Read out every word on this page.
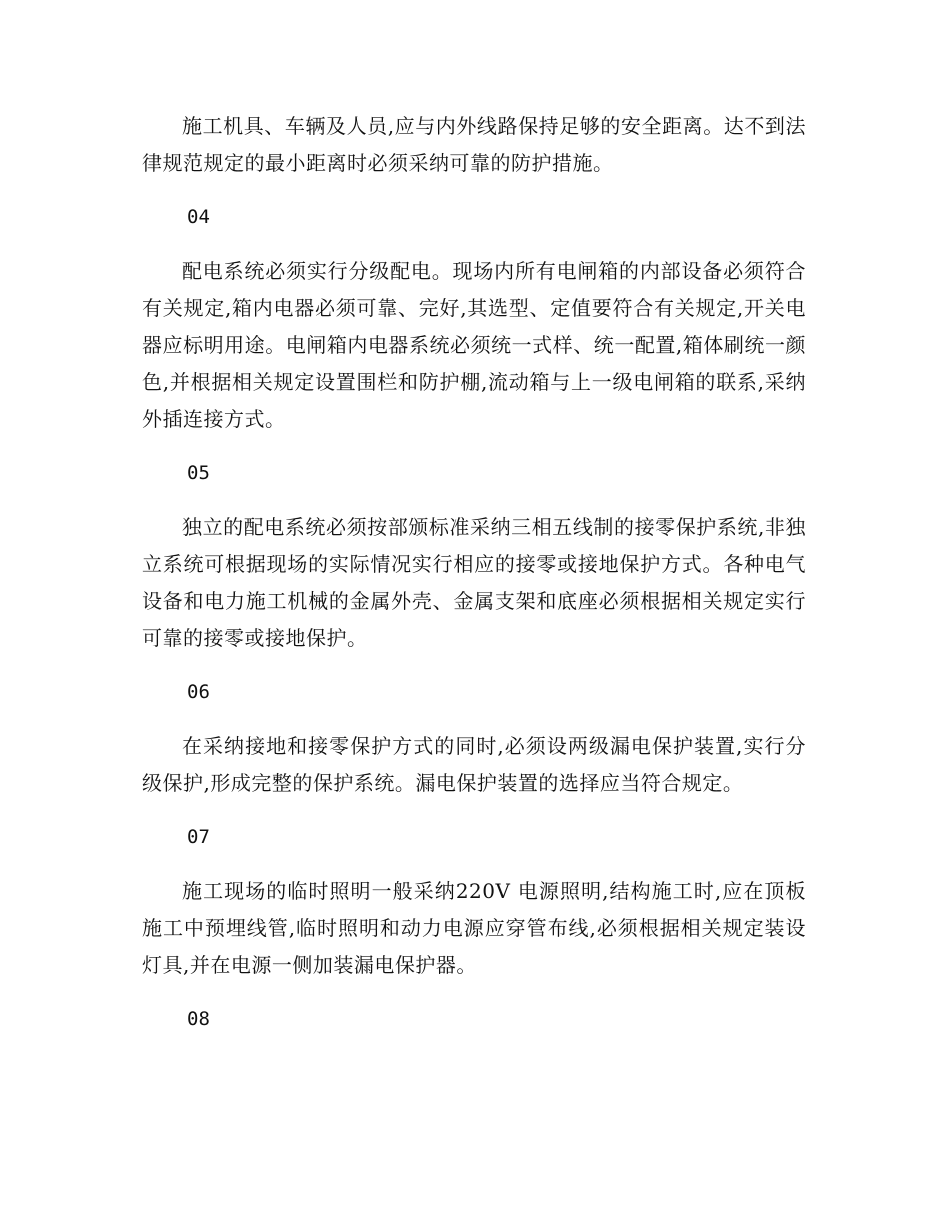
施工机具、车辆及人员,应与内外线路保持足够的安全距离。达不到法律规范规定的最小距离时必须采纳可靠的防护措施。

04

配电系统必须实行分级配电。现场内所有电闸箱的内部设备必须符合有关规定,箱内电器必须可靠、完好,其选型、定值要符合有关规定,开关电器应标明用途。电闸箱内电器系统必须统一式样、统一配置,箱体刷统一颜色,并根据相关规定设置围栏和防护棚,流动箱与上一级电闸箱的联系,采纳外插连接方式。

05

独立的配电系统必须按部颁标准采纳三相五线制的接零保护系统,非独立系统可根据现场的实际情况实行相应的接零或接地保护方式。各种电气设备和电力施工机械的金属外壳、金属支架和底座必须根据相关规定实行可靠的接零或接地保护。

06

在采纳接地和接零保护方式的同时,必须设两级漏电保护装置,实行分级保护,形成完整的保护系统。漏电保护装置的选择应当符合规定。

07

施工现场的临时照明一般采纳220V 电源照明,结构施工时,应在顶板施工中预埋线管,临时照明和动力电源应穿管布线,必须根据相关规定装设灯具,并在电源一侧加装漏电保护器。

08
